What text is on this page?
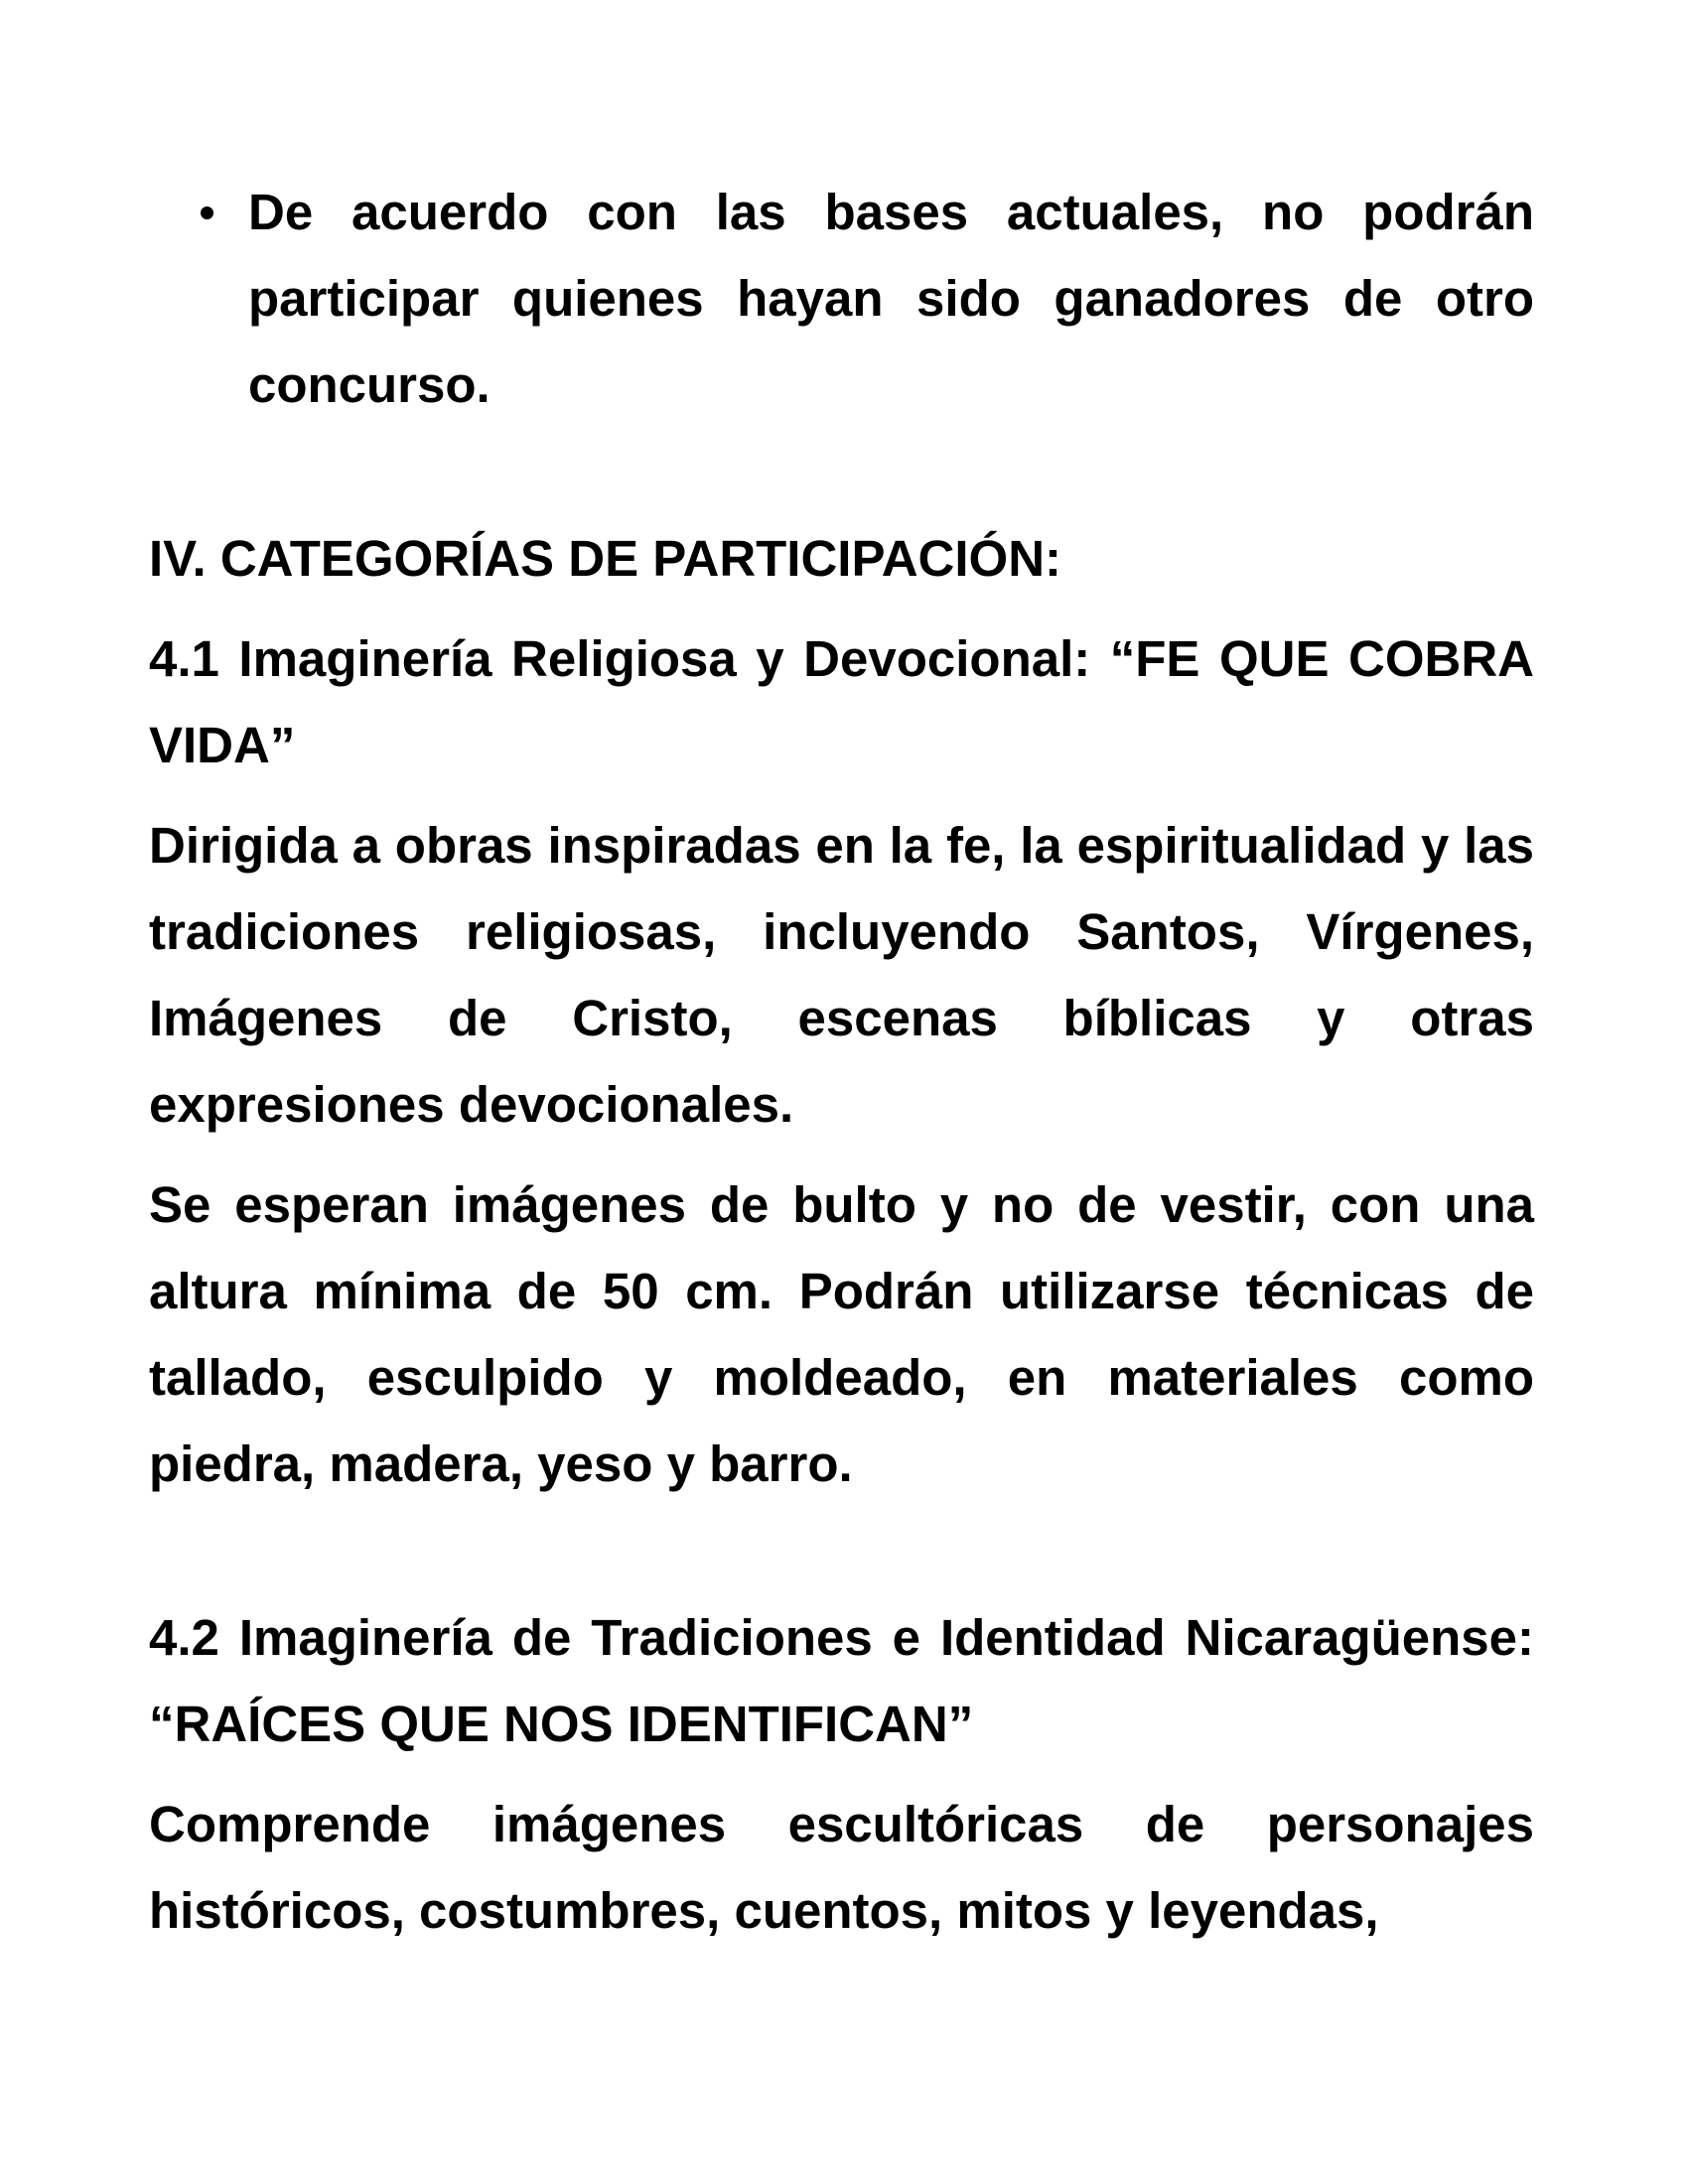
De acuerdo con las bases actuales, no podrán participar quienes hayan sido ganadores de otro concurso.

IV. CATEGORÍAS DE PARTICIPACIÓN:

4.1 Imaginería Religiosa y Devocional: “FE QUE COBRA VIDA”

Dirigida a obras inspiradas en la fe, la espiritualidad y las tradiciones religiosas, incluyendo Santos, Vírgenes, Imágenes de Cristo, escenas bíblicas y otras expresiones devocionales.

Se esperan imágenes de bulto y no de vestir, con una altura mínima de 50 cm. Podrán utilizarse técnicas de tallado, esculpido y moldeado, en materiales como piedra, madera, yeso y barro.

4.2 Imaginería de Tradiciones e Identidad Nicaragüense: “RAÍCES QUE NOS IDENTIFICAN”

Comprende imágenes escultóricas de personajes históricos, costumbres, cuentos, mitos y leyendas,
